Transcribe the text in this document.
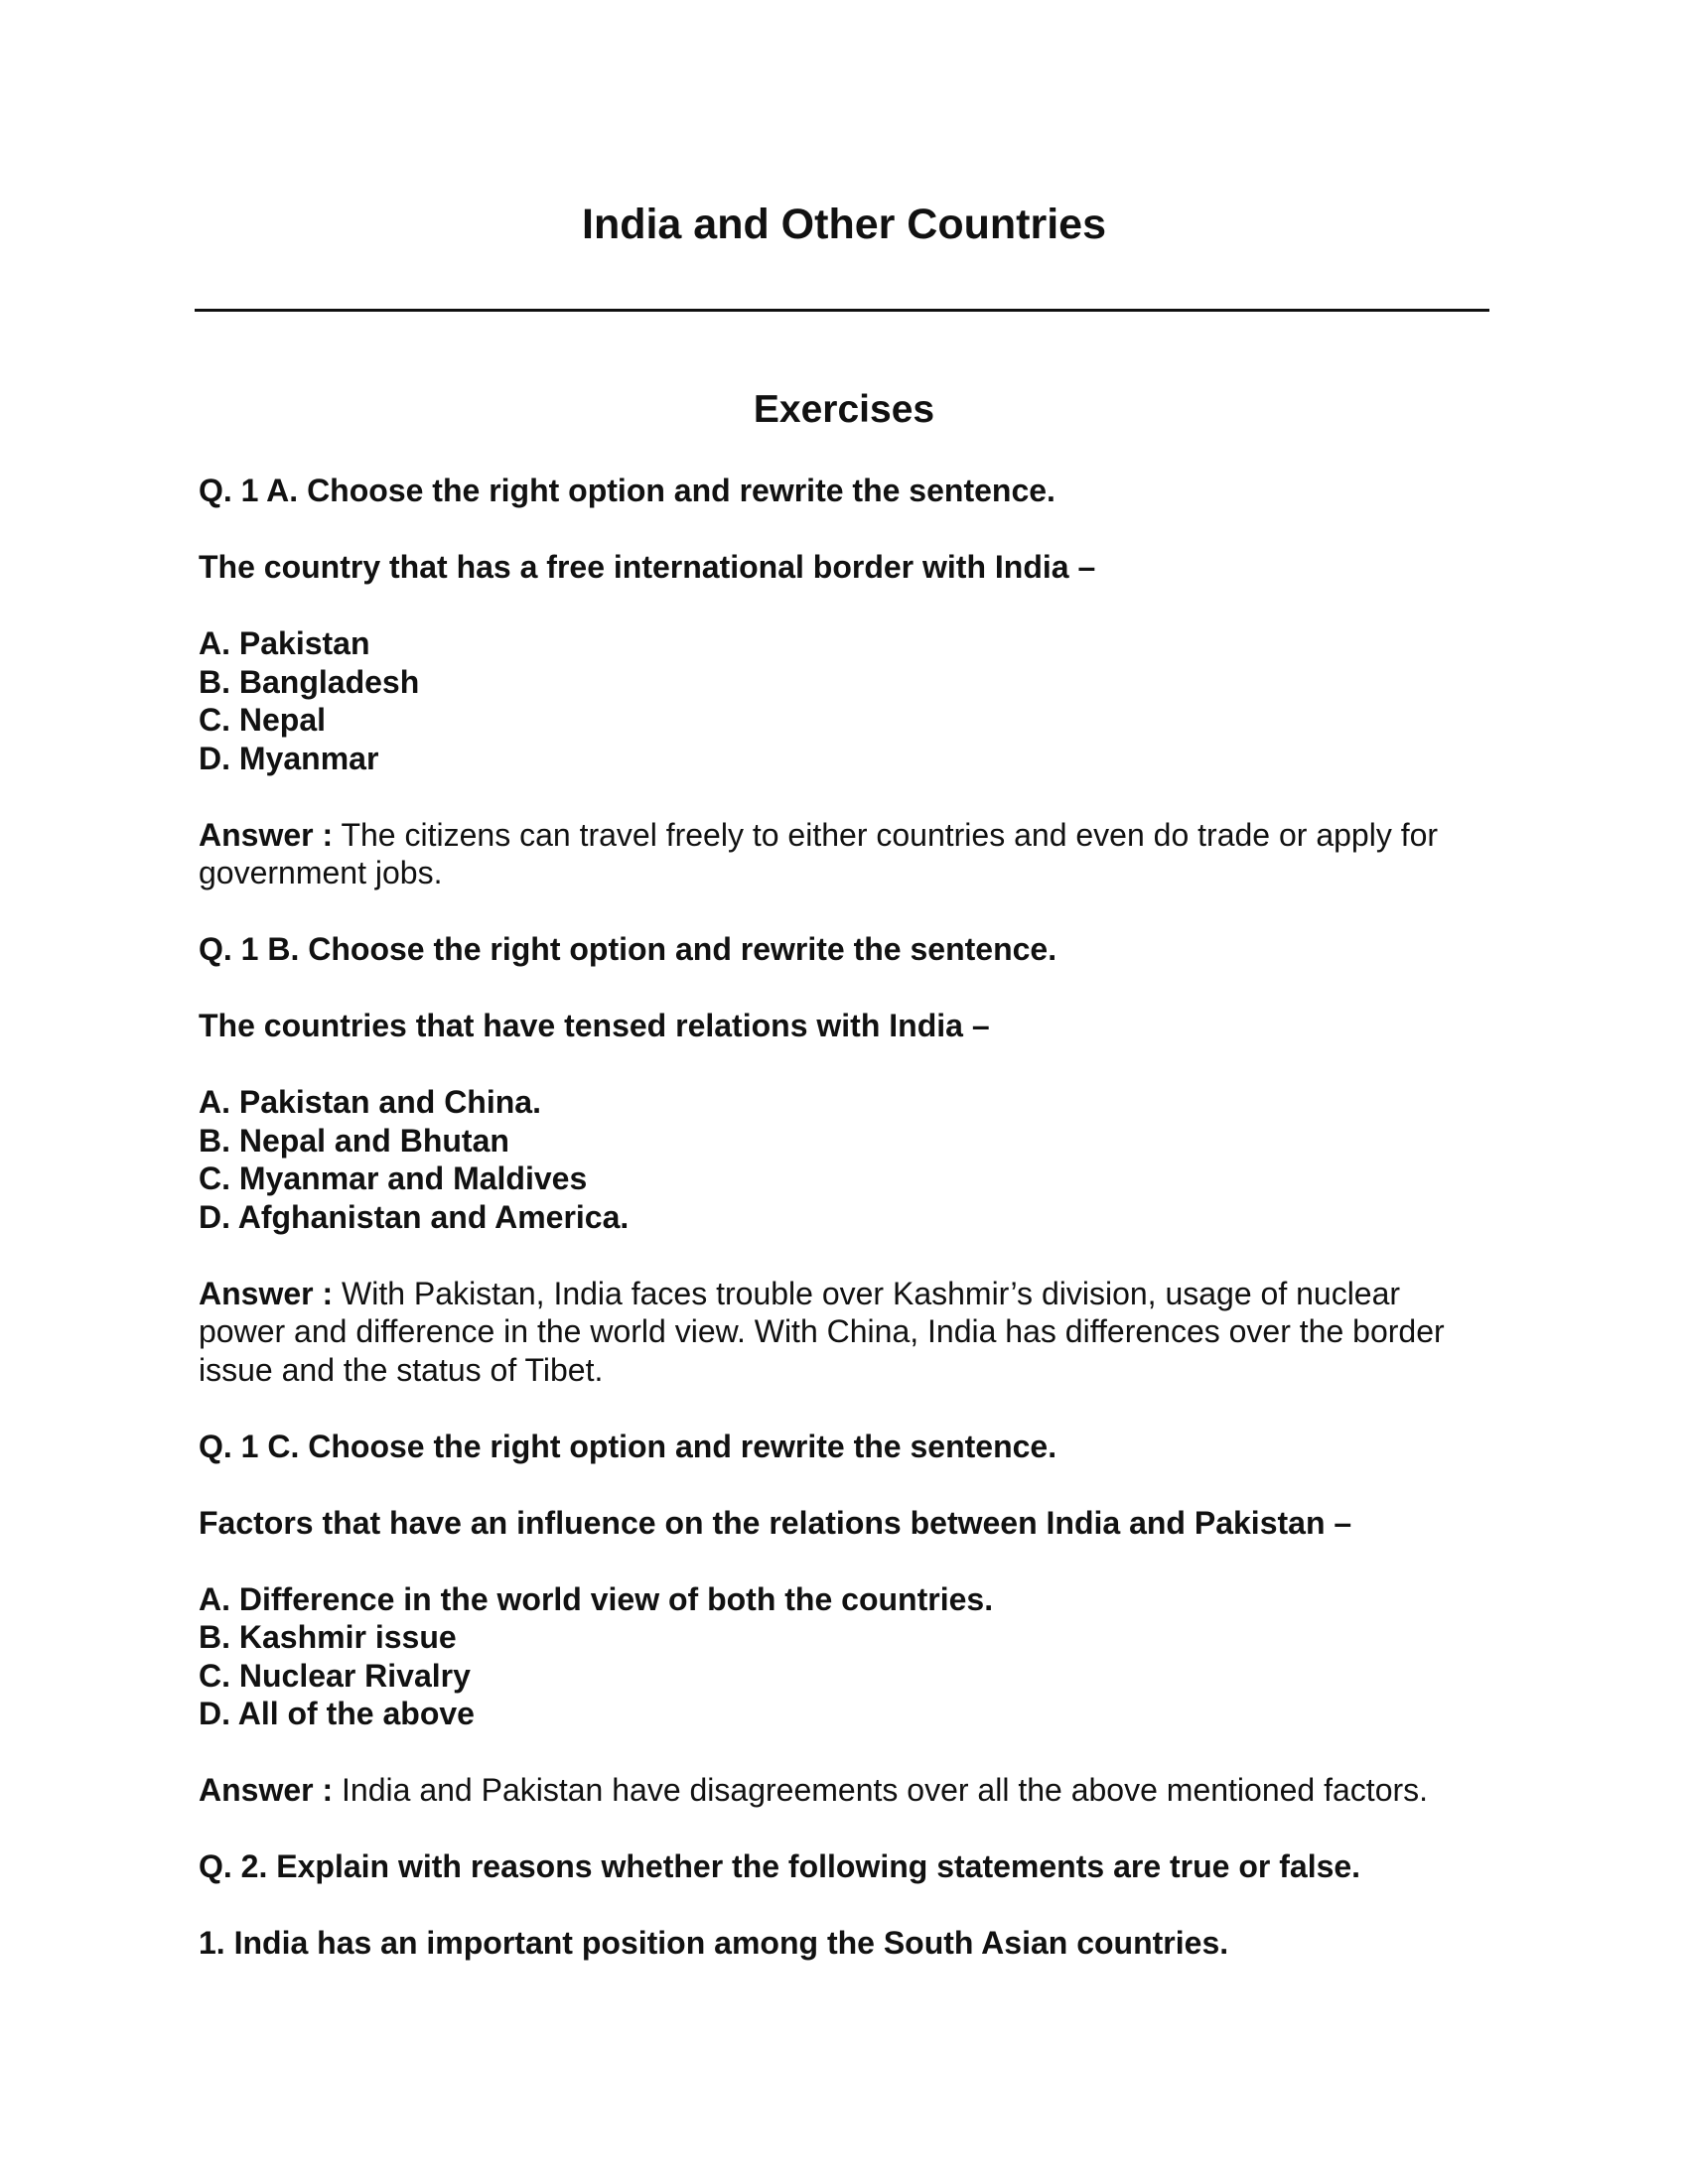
India and Other Countries
Exercises

Q. 1 A. Choose the right option and rewrite the sentence.

The country that has a free international border with India –

A. Pakistan
B. Bangladesh
C. Nepal
D. Myanmar

Answer : The citizens can travel freely to either countries and even do trade or apply for government jobs.

Q. 1 B. Choose the right option and rewrite the sentence.

The countries that have tensed relations with India –

A. Pakistan and China.
B. Nepal and Bhutan
C. Myanmar and Maldives
D. Afghanistan and America.

Answer : With Pakistan, India faces trouble over Kashmir’s division, usage of nuclear power and difference in the world view. With China, India has differences over the border issue and the status of Tibet.

Q. 1 C. Choose the right option and rewrite the sentence.

Factors that have an influence on the relations between India and Pakistan –

A. Difference in the world view of both the countries.
B. Kashmir issue
C. Nuclear Rivalry
D. All of the above

Answer : India and Pakistan have disagreements over all the above mentioned factors.

Q. 2. Explain with reasons whether the following statements are true or false.

1. India has an important position among the South Asian countries.
